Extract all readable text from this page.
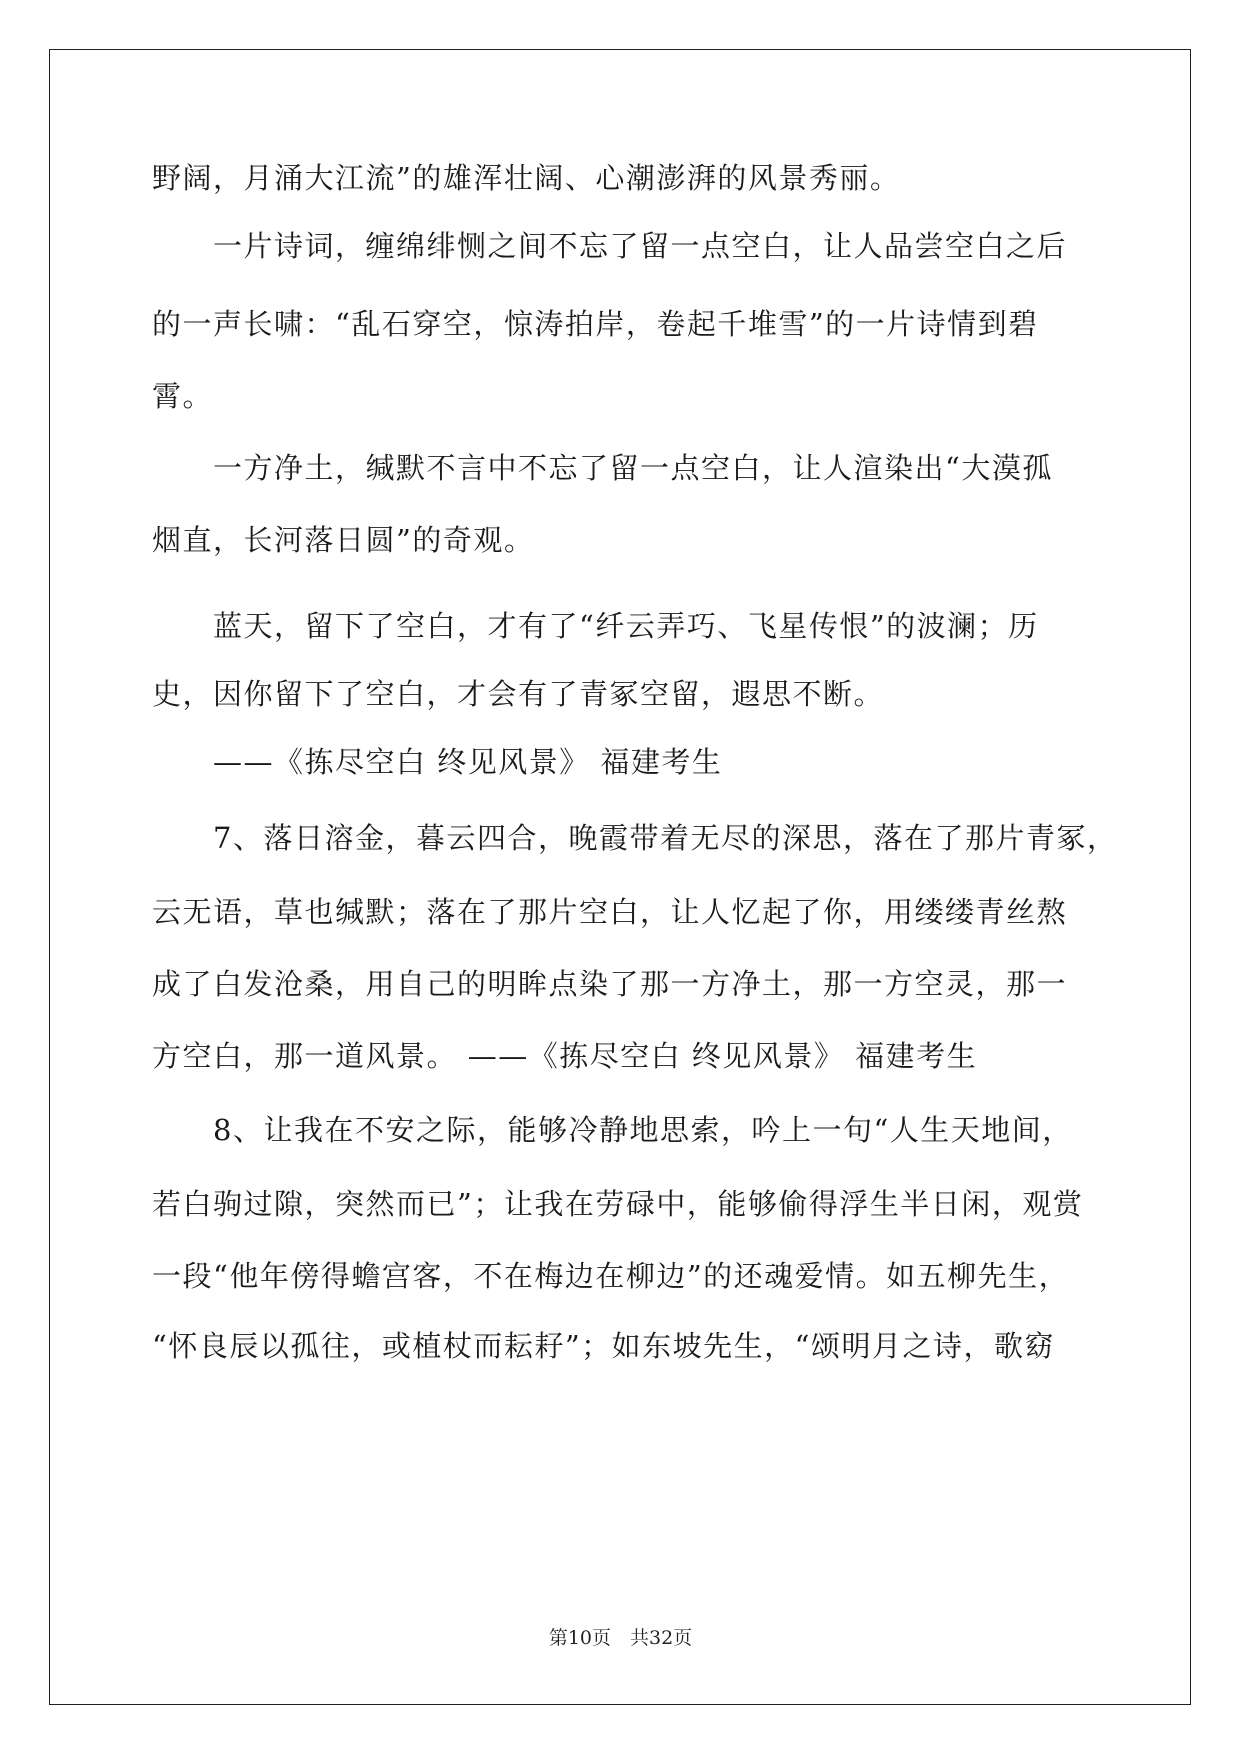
野阔，月涌大江流”的雄浑壮阔、心潮澎湃的风景秀丽。
　　一片诗词，缠绵绯恻之间不忘了留一点空白，让人品尝空白之后
的一声长啸：“乱石穿空，惊涛拍岸，卷起千堆雪”的一片诗情到碧
霄。
　　一方净土，缄默不言中不忘了留一点空白，让人渲染出“大漠孤
烟直，长河落日圆”的奇观。
　　蓝天，留下了空白，才有了“纤云弄巧、飞星传恨”的波澜；历
史，因你留下了空白，才会有了青冢空留，遐思不断。
　　——《拣尽空白 终见风景》 福建考生
　　7、落日溶金，暮云四合，晚霞带着无尽的深思，落在了那片青冢，
云无语，草也缄默；落在了那片空白，让人忆起了你，用缕缕青丝熬
成了白发沧桑，用自己的明眸点染了那一方净土，那一方空灵，那一
方空白，那一道风景。 ——《拣尽空白 终见风景》 福建考生
　　8、让我在不安之际，能够冷静地思索，吟上一句“人生天地间，
若白驹过隙，突然而已”；让我在劳碌中，能够偷得浮生半日闲，观赏
一段“他年傍得蟾宫客，不在梅边在柳边”的还魂爱情。如五柳先生，
“怀良辰以孤往，或植杖而耘耔”；如东坡先生，“颂明月之诗，歌窈
第10页　共32页
